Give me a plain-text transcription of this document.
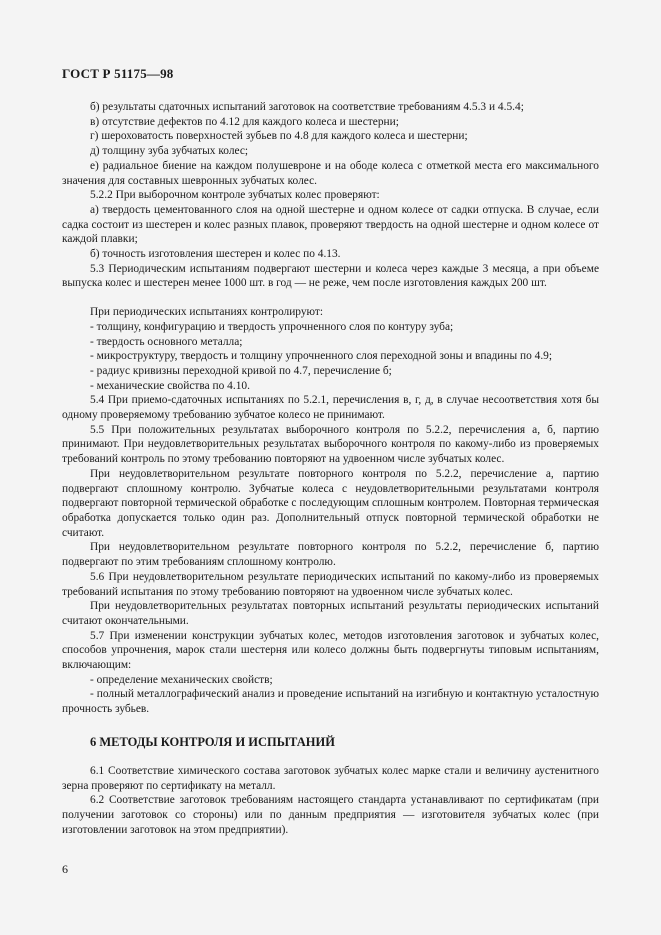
ГОСТ Р 51175—98

б) результаты сдаточных испытаний заготовок на соответствие требованиям 4.5.3 и 4.5.4;

в) отсутствие дефектов по 4.12 для каждого колеса и шестерни;

г) шероховатость поверхностей зубьев по 4.8 для каждого колеса и шестерни;

д) толщину зуба зубчатых колес;

е) радиальное биение на каждом полушевроне и на ободе колеса с отметкой места его максимального значения для составных шевронных зубчатых колес.

5.2.2 При выборочном контроле зубчатых колес проверяют:

а) твердость цементованного слоя на одной шестерне и одном колесе от садки отпуска. В случае, если садка состоит из шестерен и колес разных плавок, проверяют твердость на одной шестерне и одном колесе от каждой плавки;

б) точность изготовления шестерен и колес по 4.13.

5.3 Периодическим испытаниям подвергают шестерни и колеса через каждые 3 месяца, а при объеме выпуска колес и шестерен менее 1000 шт. в год — не реже, чем после изготовления каждых 200 шт.

При периодических испытаниях контролируют:

- толщину, конфигурацию и твердость упрочненного слоя по контуру зуба;

- твердость основного металла;

- микроструктуру, твердость и толщину упрочненного слоя переходной зоны и впадины по 4.9;

- радиус кривизны переходной кривой по 4.7, перечисление б;

- механические свойства по 4.10.

5.4 При приемо-сдаточных испытаниях по 5.2.1, перечисления в, г, д, в случае несоответствия хотя бы одному проверяемому требованию зубчатое колесо не принимают.

5.5 При положительных результатах выборочного контроля по 5.2.2, перечисления а, б, партию принимают. При неудовлетворительных результатах выборочного контроля по какому-либо из проверяемых требований контроль по этому требованию повторяют на удвоенном числе зубчатых колес.

При неудовлетворительном результате повторного контроля по 5.2.2, перечисление а, партию подвергают сплошному контролю. Зубчатые колеса с неудовлетворительными результатами контроля подвергают повторной термической обработке с последующим сплошным контролем. Повторная термическая обработка допускается только один раз. Дополнительный отпуск повторной термической обработки не считают.

При неудовлетворительном результате повторного контроля по 5.2.2, перечисление б, партию подвергают по этим требованиям сплошному контролю.

5.6 При неудовлетворительном результате периодических испытаний по какому-либо из проверяемых требований испытания по этому требованию повторяют на удвоенном числе зубчатых колес.

При неудовлетворительных результатах повторных испытаний результаты периодических испытаний считают окончательными.

5.7 При изменении конструкции зубчатых колес, методов изготовления заготовок и зубчатых колес, способов упрочнения, марок стали шестерня или колесо должны быть подвергнуты типовым испытаниям, включающим:

- определение механических свойств;

- полный металлографический анализ и проведение испытаний на изгибную и контактную усталостную прочность зубьев.

6 МЕТОДЫ КОНТРОЛЯ И ИСПЫТАНИЙ

6.1 Соответствие химического состава заготовок зубчатых колес марке стали и величину аустенитного зерна проверяют по сертификату на металл.

6.2 Соответствие заготовок требованиям настоящего стандарта устанавливают по сертификатам (при получении заготовок со стороны) или по данным предприятия — изготовителя зубчатых колес (при изготовлении заготовок на этом предприятии).

6
